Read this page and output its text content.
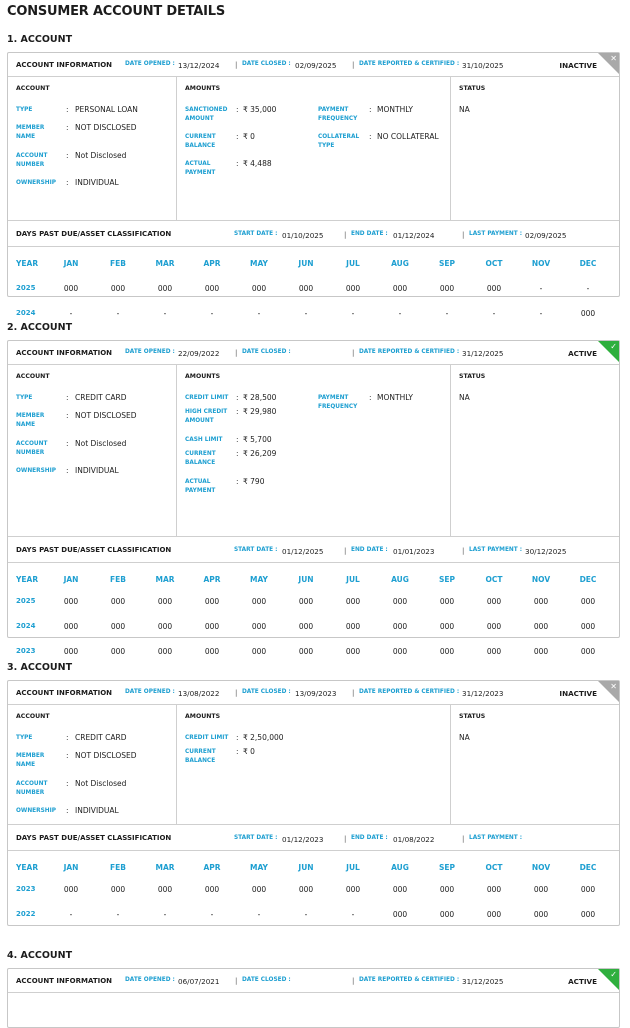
CONSUMER ACCOUNT DETAILS
1. ACCOUNT
ACCOUNT INFORMATION DATE OPENED : 13/12/2024 | DATE CLOSED : 02/09/2025 | DATE REPORTED & CERTIFIED : 31/10/2025	INACTIVE
✕
ACCOUNT
TYPE	: PERSONAL LOAN
MEMBER NAME
: NOT DISCLOSED
ACCOUNT NUMBER
: Not Disclosed
OWNERSHIP	: INDIVIDUAL
AMOUNTS
SANCTIONED AMOUNT
: ₹ 35,000
CURRENT BALANCE
: ₹ 0
ACTUAL PAYMENT
: ₹ 4,488
PAYMENT FREQUENCY
: MONTHLY
COLLATERAL TYPE
: NO COLLATERAL
STATUS
NA
DAYS PAST DUE/ASSET CLASSIFICATION	START DATE : 01/10/2025	| END DATE : 01/12/2024	| LAST PAYMENT : 02/09/2025
YEAR	JAN	FEB	MAR	APR	MAY	JUN	JUL	AUG	SEP	OCT	NOV	DEC
2025	000	000	000	000	000	000	000	000	000	000	-	-
2024	-	-	-	-	-	-	-	-	-	-	-	000
2. ACCOUNT
ACCOUNT INFORMATION DATE OPENED : 22/09/2022 | DATE CLOSED :	| DATE REPORTED & CERTIFIED : 31/12/2025	ACTIVE
✓
ACCOUNT
TYPE	: CREDIT CARD
MEMBER NAME
: NOT DISCLOSED
ACCOUNT NUMBER
: Not Disclosed
OWNERSHIP	: INDIVIDUAL
AMOUNTS
CREDIT LIMIT	: ₹ 28,500
HIGH CREDIT AMOUNT
: ₹ 29,980
CASH LIMIT	: ₹ 5,700
CURRENT BALANCE
: ₹ 26,209
ACTUAL PAYMENT
: ₹ 790
PAYMENT FREQUENCY
: MONTHLY
STATUS
NA
DAYS PAST DUE/ASSET CLASSIFICATION	START DATE : 01/12/2025	| END DATE : 01/01/2023	| LAST PAYMENT : 30/12/2025
YEAR	JAN	FEB	MAR	APR	MAY	JUN	JUL	AUG	SEP	OCT	NOV	DEC
2025	000	000	000	000	000	000	000	000	000	000	000	000
2024	000	000	000	000	000	000	000	000	000	000	000	000
2023	000	000	000	000	000	000	000	000	000	000	000	000
3. ACCOUNT
ACCOUNT INFORMATION DATE OPENED : 13/08/2022 | DATE CLOSED : 13/09/2023 | DATE REPORTED & CERTIFIED : 31/12/2023	INACTIVE
✕
ACCOUNT
TYPE	: CREDIT CARD
MEMBER NAME
: NOT DISCLOSED
ACCOUNT NUMBER
: Not Disclosed
OWNERSHIP	: INDIVIDUAL
AMOUNTS
CREDIT LIMIT	: ₹ 2,50,000
CURRENT BALANCE
: ₹ 0
STATUS
NA
DAYS PAST DUE/ASSET CLASSIFICATION	START DATE : 01/12/2023	| END DATE : 01/08/2022	| LAST PAYMENT :
YEAR	JAN	FEB	MAR	APR	MAY	JUN	JUL	AUG	SEP	OCT	NOV	DEC
2023	000	000	000	000	000	000	000	000	000	000	000	000
2022	-	-	-	-	-	-	-	000	000	000	000	000
4. ACCOUNT
ACCOUNT INFORMATION DATE OPENED : 06/07/2021 | DATE CLOSED :	| DATE REPORTED & CERTIFIED : 31/12/2025	ACTIVE
✓
